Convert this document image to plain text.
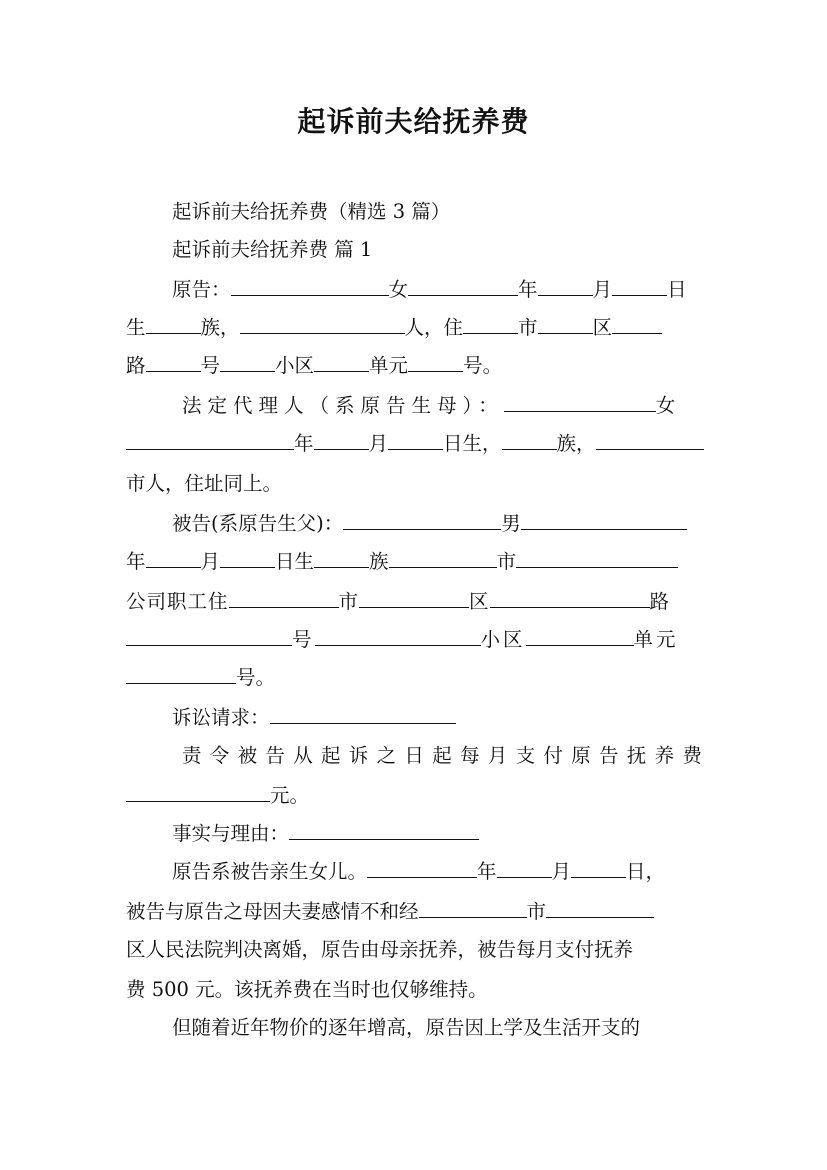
起诉前夫给抚养费
起诉前夫给抚养费（精选 3 篇）
起诉前夫给抚养费 篇 1
原告：	女	年	月	日
生	族，	人，住	市	区
路	号	小区	单元	号。
法定代理人（系原告生母）：	女
年	月	日生，	族，
市人，住址同上。
被告(系原告生父)：	男
年	月	日生	族	市
公司职工住	市	区	路
号	小区	单元
号。
诉讼请求：
责令被告从起诉之日起每月支付原告抚养费
元。
事实与理由：
原告系被告亲生女儿。	年	月	日，
被告与原告之母因夫妻感情不和经	市
区人民法院判决离婚，原告由母亲抚养，被告每月支付抚养
费 500 元。该抚养费在当时也仅够维持。
但随着近年物价的逐年增高，原告因上学及生活开支的
